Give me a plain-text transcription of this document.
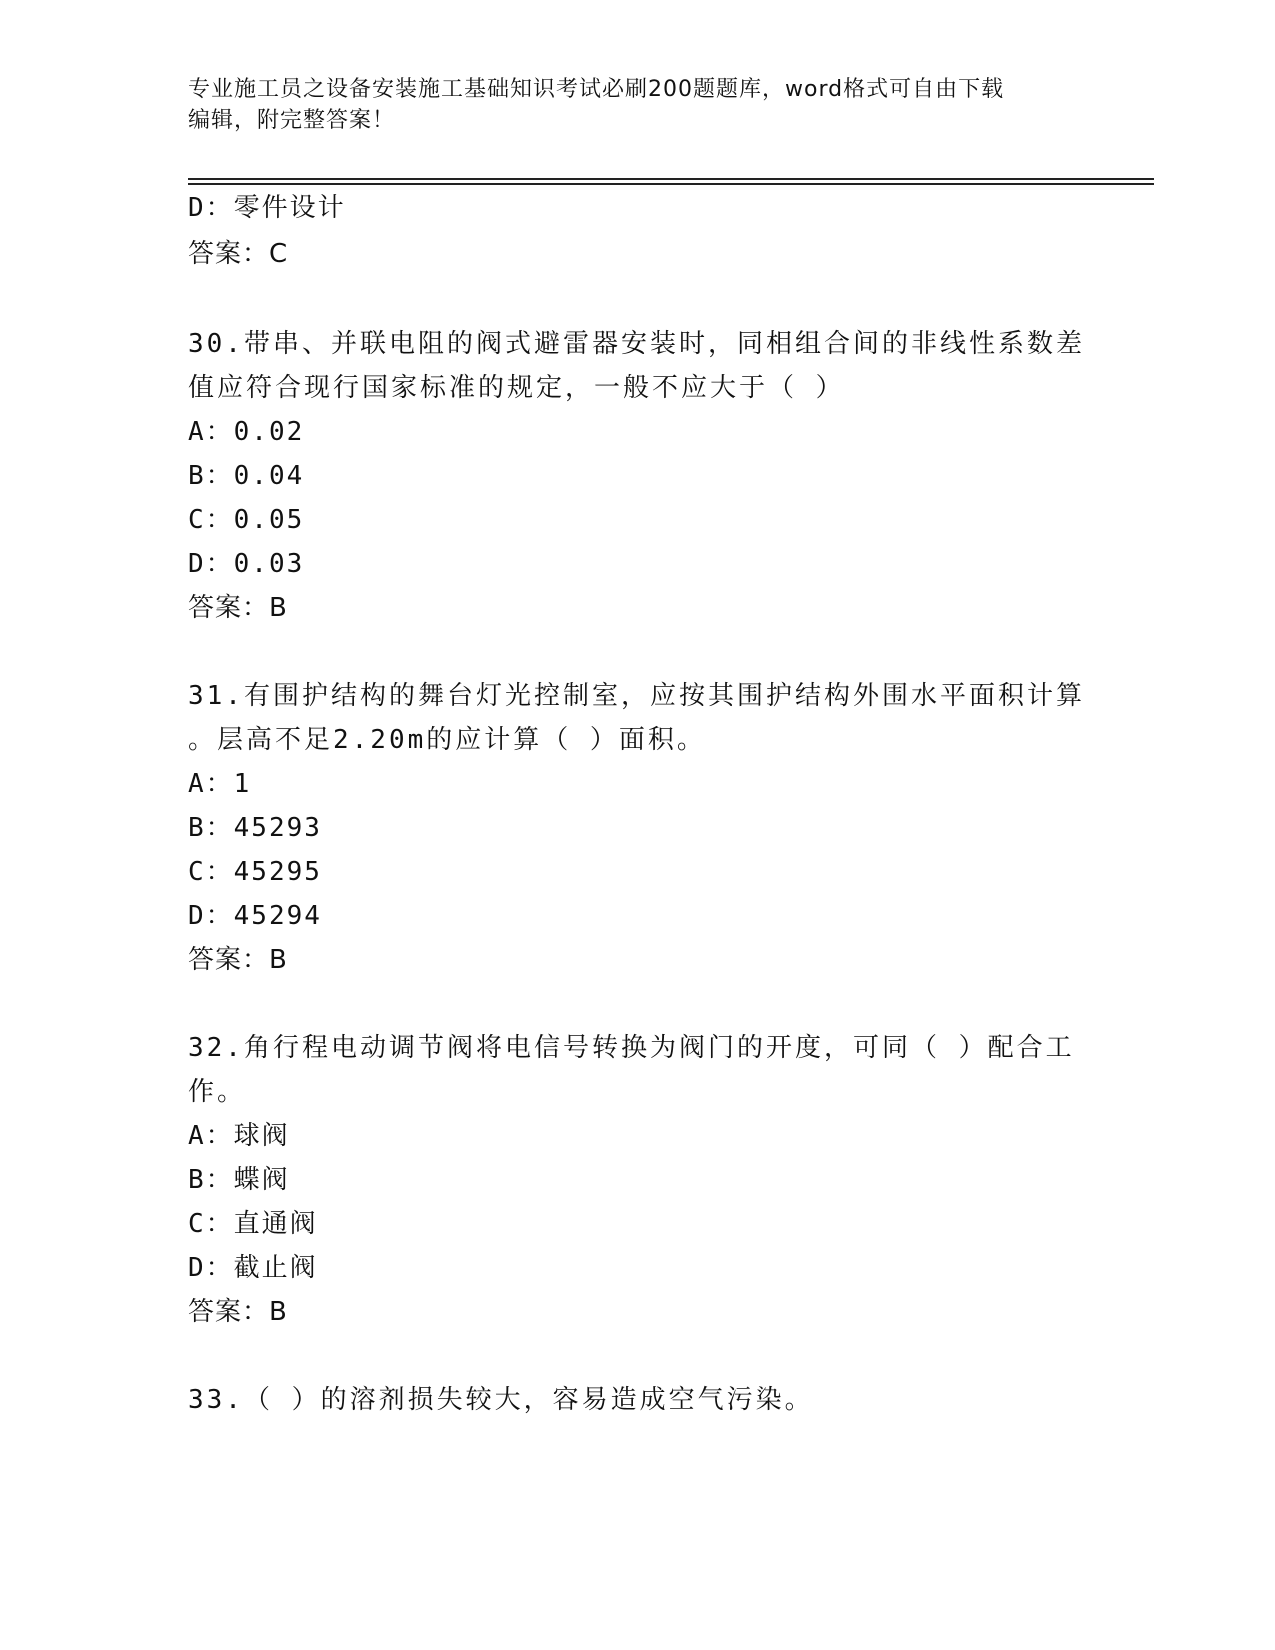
专业施工员之设备安装施工基础知识考试必刷200题题库，word格式可自由下载
编辑，附完整答案！
D：零件设计
答案：C
30.带串、并联电阻的阀式避雷器安装时，同相组合间的非线性系数差
值应符合现行国家标准的规定，一般不应大于（ ）
A：0.02
B：0.04
C：0.05
D：0.03
答案：B
31.有围护结构的舞台灯光控制室，应按其围护结构外围水平面积计算
。层高不足2.20m的应计算（ ）面积。
A：1
B：45293
C：45295
D：45294
答案：B
32.角行程电动调节阀将电信号转换为阀门的开度，可同（ ）配合工
作。
A：球阀
B：蝶阀
C：直通阀
D：截止阀
答案：B
33.（ ）的溶剂损失较大，容易造成空气污染。
